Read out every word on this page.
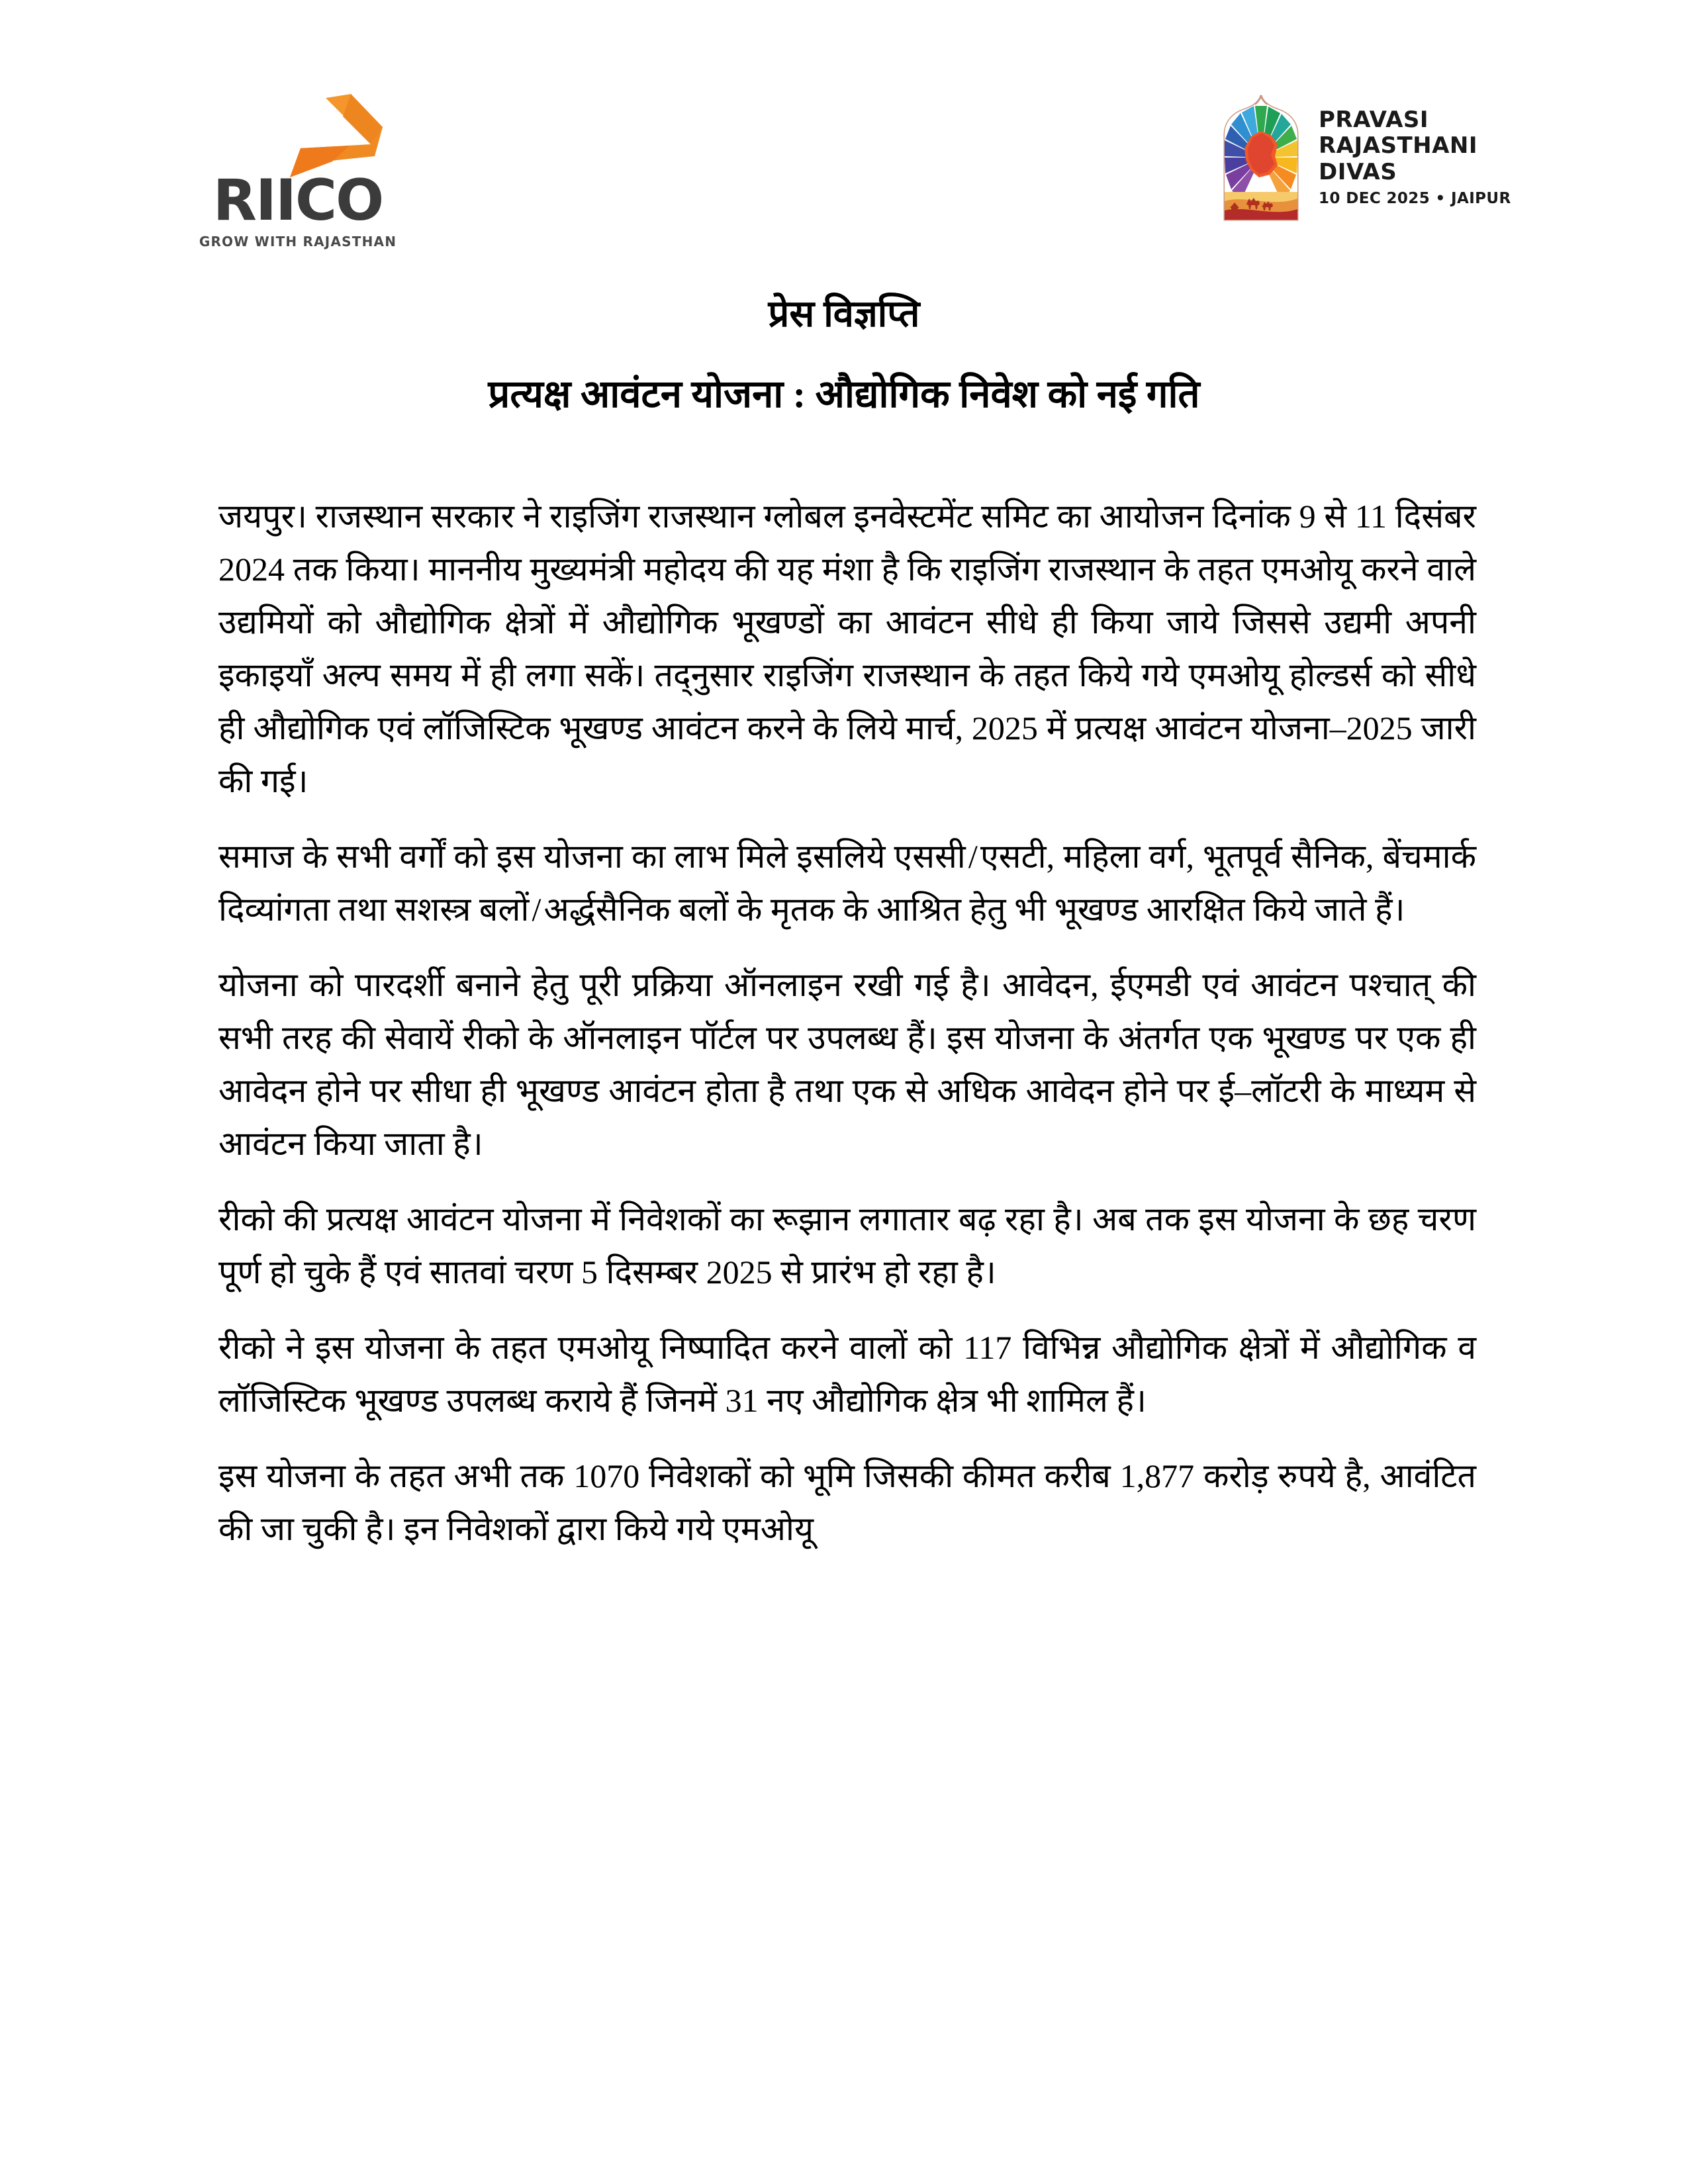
RIICO
GROW WITH RAJASTHAN
PRAVASI
RAJASTHANI
DIVAS
10 DEC 2025 • JAIPUR
प्रेस विज्ञप्ति
प्रत्यक्ष आवंटन योजना : औद्योगिक निवेश को नई गति

जयपुर। राजस्थान सरकार ने राइजिंग राजस्थान ग्लोबल इनवेस्टमेंट समिट का आयोजन दिनांक 9 से 11 दिसंबर 2024 तक किया। माननीय मुख्यमंत्री महोदय की यह मंशा है कि राइजिंग राजस्थान के तहत एमओयू करने वाले उद्यमियों को औद्योगिक क्षेत्रों में औद्योगिक भूखण्डों का आवंटन सीधे ही किया जाये जिससे उद्यमी अपनी इकाइयॉं अल्प समय में ही लगा सकें। तद्नुसार राइजिंग राजस्थान के तहत किये गये एमओयू होल्डर्स को सीधे ही औद्योगिक एवं लॉजिस्टिक भूखण्ड आवंटन करने के लिये मार्च, 2025 में प्रत्यक्ष आवंटन योजना–2025 जारी की गई।

समाज के सभी वर्गों को इस योजना का लाभ मिले इसलिये एससी / एसटी, महिला वर्ग, भूतपूर्व सैनिक, बेंचमार्क दिव्यांगता तथा सशस्त्र बलों / अर्द्धसैनिक बलों के मृतक के आश्रित हेतु भी भूखण्ड आरक्षित किये जाते हैं।

योजना को पारदर्शी बनाने हेतु पूरी प्रक्रिया ऑनलाइन रखी गई है। आवेदन, ईएमडी एवं आवंटन पश्चात् की सभी तरह की सेवायें रीको के ऑनलाइन पॉर्टल पर उपलब्ध हैं। इस योजना के अंतर्गत एक भूखण्ड पर एक ही आवेदन होने पर सीधा ही भूखण्ड आवंटन होता है तथा एक से अधिक आवेदन होने पर ई–लॉटरी के माध्यम से आवंटन किया जाता है।

रीको की प्रत्यक्ष आवंटन योजना में निवेशकों का रूझान लगातार बढ़ रहा है। अब तक इस योजना के छह चरण पूर्ण हो चुके हैं एवं सातवां चरण 5 दिसम्बर 2025 से प्रारंभ हो रहा है।

रीको ने इस योजना के तहत एमओयू निष्पादित करने वालों को 117 विभिन्न औद्योगिक क्षेत्रों में औद्योगिक व लॉजिस्टिक भूखण्ड उपलब्ध कराये हैं जिनमें 31 नए औद्योगिक क्षेत्र भी शामिल हैं।

इस योजना के तहत अभी तक 1070 निवेशकों को भूमि जिसकी कीमत करीब 1,877 करोड़ रुपये है, आवंटित की जा चुकी है। इन निवेशकों द्वारा किये गये एमओयू
